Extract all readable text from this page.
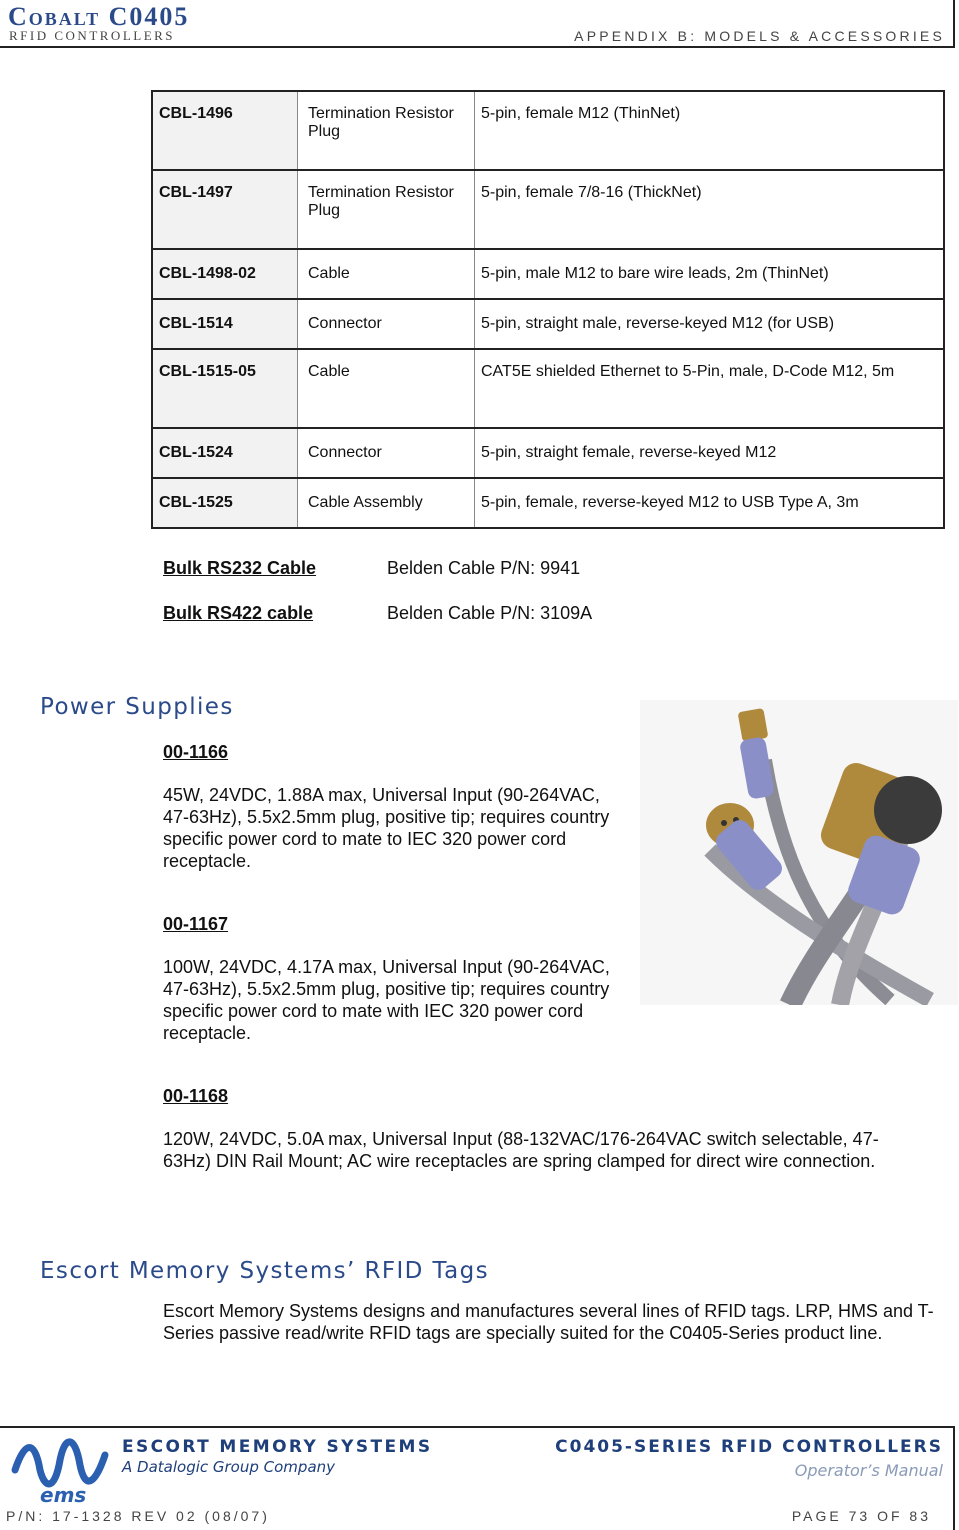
Cobalt C0405
RFID CONTROLLERS	APPENDIX B: MODELS & ACCESSORIES
CBL-1496	Termination Resistor Plug	5-pin, female M12 (ThinNet)
CBL-1497	Termination Resistor Plug	5-pin, female 7/8-16 (ThickNet)
CBL-1498-02	Cable	5-pin, male M12 to bare wire leads, 2m (ThinNet)
CBL-1514	Connector	5-pin, straight male, reverse-keyed M12 (for USB)
CBL-1515-05	Cable	CAT5E shielded Ethernet to 5-Pin, male, D-Code M12, 5m
CBL-1524	Connector	5-pin, straight female, reverse-keyed M12
CBL-1525	Cable Assembly	5-pin, female, reverse-keyed M12 to USB Type A, 3m
Bulk RS232 Cable	Belden Cable P/N: 9941
Bulk RS422 cable	Belden Cable P/N: 3109A
Power Supplies
00-1166
45W, 24VDC, 1.88A max, Universal Input (90-264VAC, 47-63Hz), 5.5x2.5mm plug, positive tip; requires country specific power cord to mate to IEC 320 power cord receptacle.
00-1167
100W, 24VDC, 4.17A max, Universal Input (90-264VAC, 47-63Hz), 5.5x2.5mm plug, positive tip; requires country specific power cord to mate with IEC 320 power cord receptacle.
00-1168
120W, 24VDC, 5.0A max, Universal Input (88-132VAC/176-264VAC switch selectable, 47-63Hz) DIN Rail Mount; AC wire receptacles are spring clamped for direct wire connection.
Escort Memory Systems’ RFID Tags
Escort Memory Systems designs and manufactures several lines of RFID tags. LRP, HMS and T-Series passive read/write RFID tags are specially suited for the C0405-Series product line.
ems
ESCORT MEMORY SYSTEMS
A Datalogic Group Company
C0405-SERIES RFID CONTROLLERS
Operator’s Manual
P/N: 17-1328 REV 02 (08/07)	PAGE 73 OF 83
